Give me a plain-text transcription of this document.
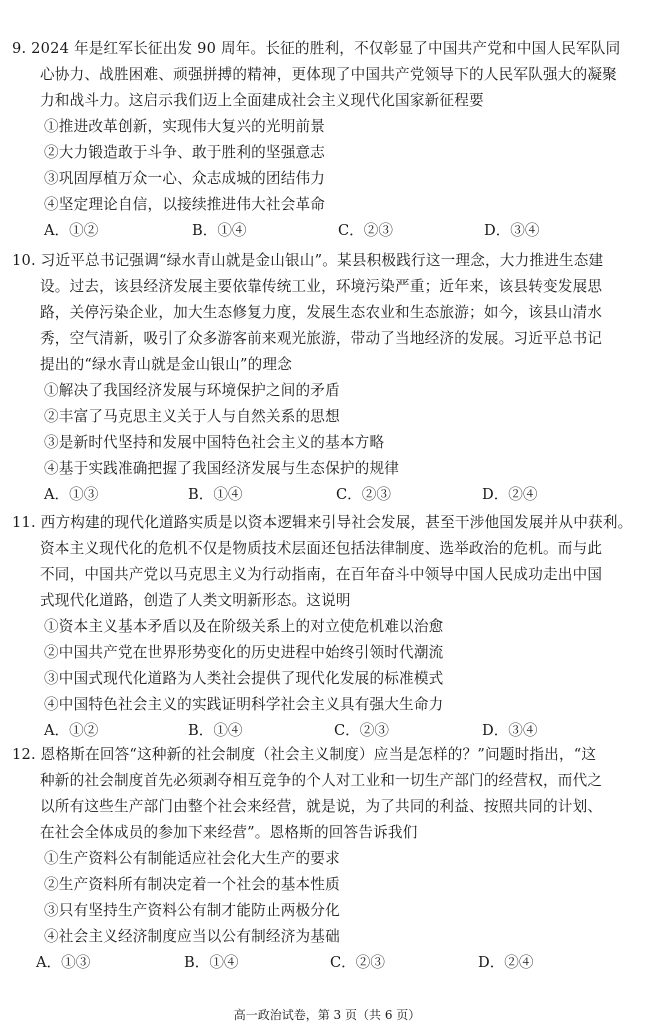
9. 2024 年是红军长征出发 90 周年。长征的胜利，不仅彰显了中国共产党和中国人民军队同
心协力、战胜困难、顽强拼搏的精神，更体现了中国共产党领导下的人民军队强大的凝聚
力和战斗力。这启示我们迈上全面建成社会主义现代化国家新征程要
①推进改革创新，实现伟大复兴的光明前景
②大力锻造敢于斗争、敢于胜利的坚强意志
③巩固厚植万众一心、众志成城的团结伟力
④坚定理论自信，以接续推进伟大社会革命
A．①②	B．①④	C．②③	D．③④
10. 习近平总书记强调“绿水青山就是金山银山”。某县积极践行这一理念，大力推进生态建
设。过去，该县经济发展主要依靠传统工业，环境污染严重；近年来，该县转变发展思
路，关停污染企业，加大生态修复力度，发展生态农业和生态旅游；如今，该县山清水
秀，空气清新，吸引了众多游客前来观光旅游，带动了当地经济的发展。习近平总书记
提出的“绿水青山就是金山银山”的理念
①解决了我国经济发展与环境保护之间的矛盾
②丰富了马克思主义关于人与自然关系的思想
③是新时代坚持和发展中国特色社会主义的基本方略
④基于实践准确把握了我国经济发展与生态保护的规律
A．①③	B．①④	C．②③	D．②④
11. 西方构建的现代化道路实质是以资本逻辑来引导社会发展，甚至干涉他国发展并从中获利。
资本主义现代化的危机不仅是物质技术层面还包括法律制度、选举政治的危机。而与此
不同，中国共产党以马克思主义为行动指南，在百年奋斗中领导中国人民成功走出中国
式现代化道路，创造了人类文明新形态。这说明
①资本主义基本矛盾以及在阶级关系上的对立使危机难以治愈
②中国共产党在世界形势变化的历史进程中始终引领时代潮流
③中国式现代化道路为人类社会提供了现代化发展的标准模式
④中国特色社会主义的实践证明科学社会主义具有强大生命力
A．①②	B．①④	C．②③	D．③④
12. 恩格斯在回答“这种新的社会制度（社会主义制度）应当是怎样的？”问题时指出，“这
种新的社会制度首先必须剥夺相互竞争的个人对工业和一切生产部门的经营权，而代之
以所有这些生产部门由整个社会来经营，就是说，为了共同的利益、按照共同的计划、
在社会全体成员的参加下来经营”。恩格斯的回答告诉我们
①生产资料公有制能适应社会化大生产的要求
②生产资料所有制决定着一个社会的基本性质
③只有坚持生产资料公有制才能防止两极分化
④社会主义经济制度应当以公有制经济为基础
A．①③	B．①④	C．②③	D．②④
高一政治试卷，第 3 页（共 6 页）
